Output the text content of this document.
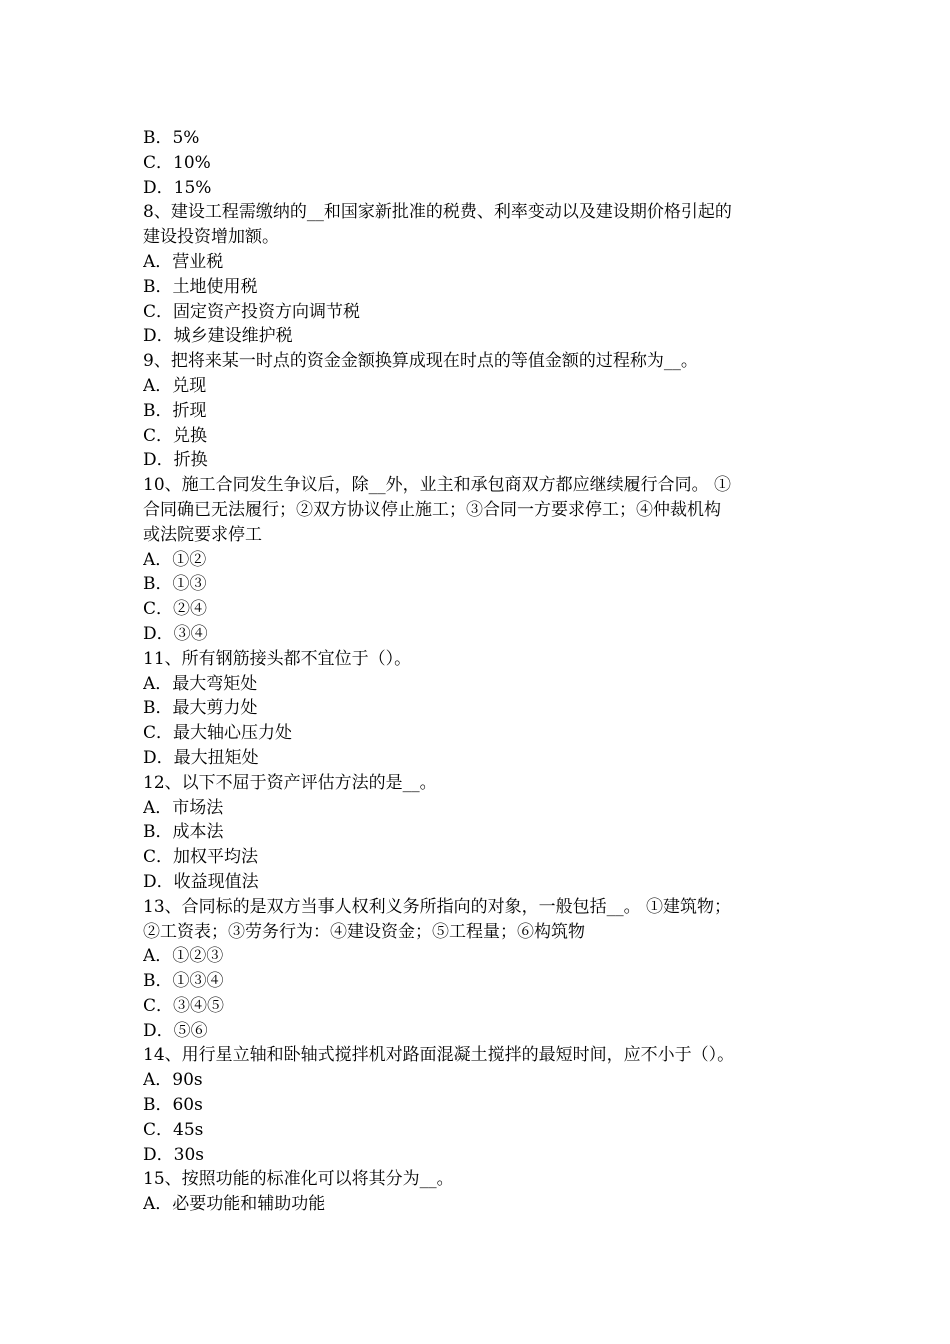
B．5%
C．10%
D．15%
8、建设工程需缴纳的__和国家新批准的税费、利率变动以及建设期价格引起的
建设投资增加额。
A．营业税
B．土地使用税
C．固定资产投资方向调节税
D．城乡建设维护税
9、把将来某一时点的资金金额换算成现在时点的等值金额的过程称为__。
A．兑现
B．折现
C．兑换
D．折换
10、施工合同发生争议后，除__外，业主和承包商双方都应继续履行合同。 ①
合同确已无法履行；②双方协议停止施工；③合同一方要求停工；④仲裁机构
或法院要求停工
A．①②
B．①③
C．②④
D．③④
11、所有钢筋接头都不宜位于（）。
A．最大弯矩处
B．最大剪力处
C．最大轴心压力处
D．最大扭矩处
12、以下不屈于资产评估方法的是__。
A．市场法
B．成本法
C．加权平均法
D．收益现值法
13、合同标的是双方当事人权利义务所指向的对象，一般包括__。 ①建筑物；
②工资表；③劳务行为：④建设资金；⑤工程量；⑥构筑物
A．①②③
B．①③④
C．③④⑤
D．⑤⑥
14、用行星立轴和卧轴式搅拌机对路面混凝土搅拌的最短时间，应不小于（）。
A．90s
B．60s
C．45s
D．30s
15、按照功能的标准化可以将其分为__。
A．必要功能和辅助功能
